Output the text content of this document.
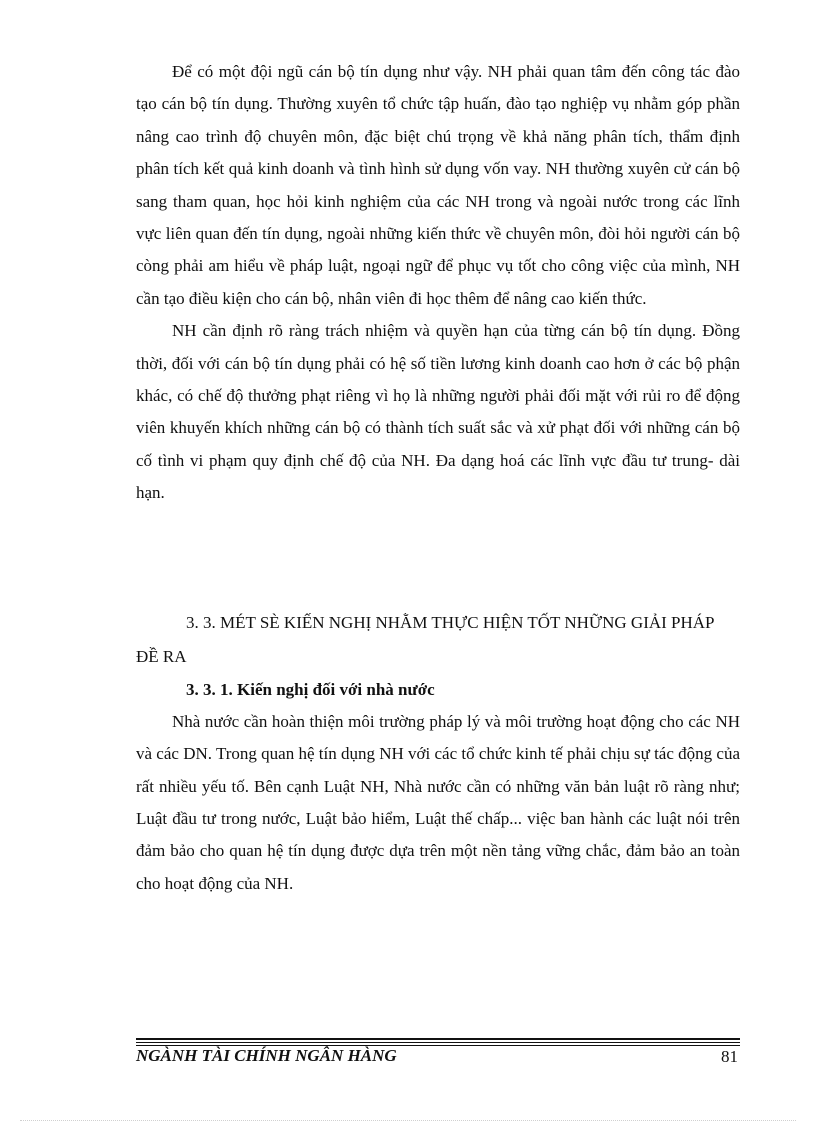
Để có một đội ngũ cán bộ tín dụng như vậy. NH phải quan tâm đến công tác đào tạo cán bộ tín dụng. Thường xuyên tổ chức tập huấn, đào tạo nghiệp vụ nhằm góp phần nâng cao trình độ chuyên môn, đặc biệt chú trọng về khả năng phân tích, thẩm định phân tích kết quả kinh doanh và tình hình sử dụng vốn vay. NH thường xuyên cử cán bộ sang tham quan, học hỏi kinh nghiệm của các NH trong và ngoài nước trong các lĩnh vực liên quan đến tín dụng, ngoài những kiến thức về chuyên môn, đòi hỏi người cán bộ còng phải am hiểu về pháp luật, ngoại ngữ để phục vụ tốt cho công việc của mình, NH cần tạo điều kiện cho cán bộ, nhân viên đi học thêm để nâng cao kiến thức.

NH cần định rõ ràng trách nhiệm và quyền hạn của từng cán bộ tín dụng. Đồng thời, đối với cán bộ tín dụng phải có hệ số tiền lương kinh doanh cao hơn ở các bộ phận khác, có chế độ thưởng phạt riêng vì họ là những người phải đối mặt với rủi ro để động viên khuyến khích những cán bộ có thành tích suất sắc và xử phạt đối với những cán bộ cố tình vi phạm quy định chế độ của NH. Đa dạng hoá các lĩnh vực đầu tư trung- dài hạn.

3. 3. MÉT SÈ KIẾN NGHỊ NHẰM THỰC HIỆN TỐT NHỮNG GIẢI PHÁP ĐỀ RA

3. 3. 1. Kiến nghị đối với nhà nước

Nhà nước cần hoàn thiện môi trường pháp lý và môi trường hoạt động cho các NH và các DN. Trong quan hệ tín dụng NH với các tổ chức kinh tế phải chịu sự tác động của rất nhiều yếu tố. Bên cạnh Luật NH, Nhà nước cần có những văn bản luật rõ ràng như; Luật đầu tư trong nước, Luật bảo hiểm, Luật thế chấp... việc ban hành các luật nói trên đảm bảo cho quan hệ tín dụng được dựa trên một nền tảng vững chắc, đảm bảo an toàn cho hoạt động của NH.

NGÀNH TÀI CHÍNH NGÂN HÀNG	81
